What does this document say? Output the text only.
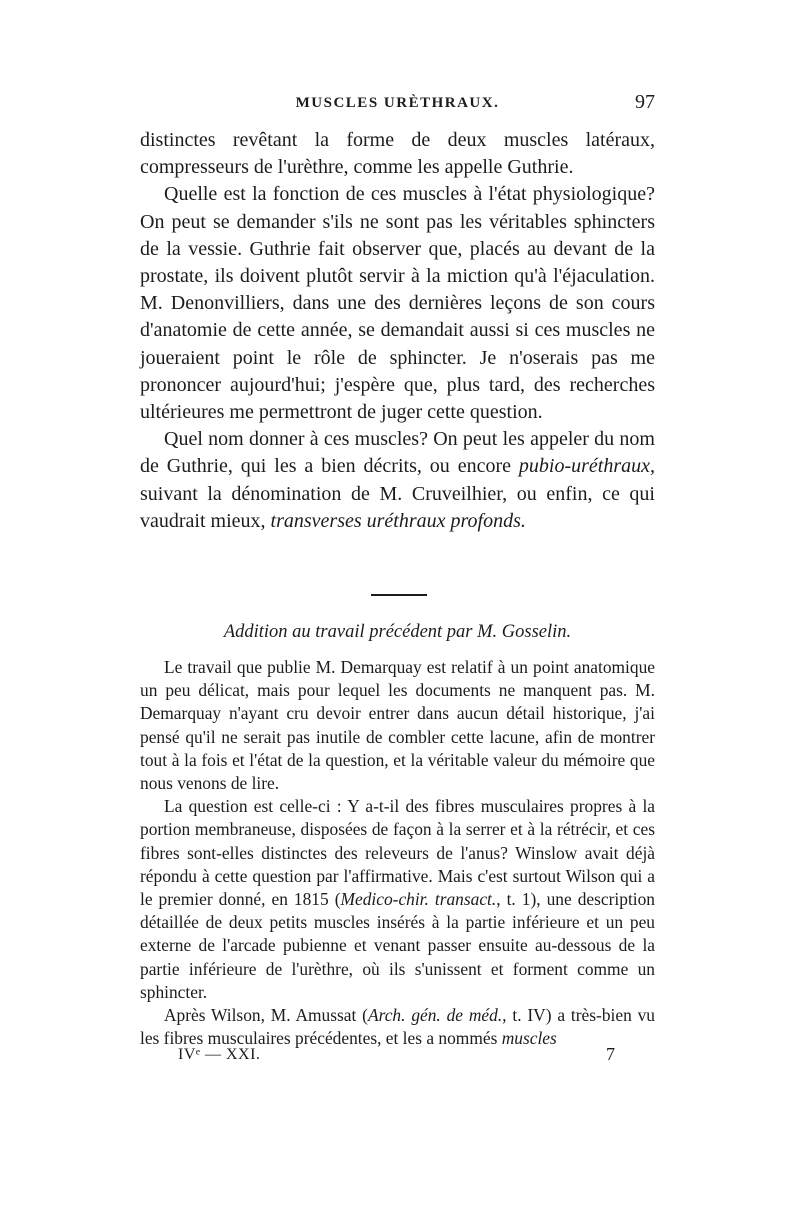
MUSCLES URÈTHRAUX.	97

distinctes revêtant la forme de deux muscles latéraux, compresseurs de l'urèthre, comme les appelle Guthrie.

Quelle est la fonction de ces muscles à l'état physiologique? On peut se demander s'ils ne sont pas les véritables sphincters de la vessie. Guthrie fait observer que, placés au devant de la prostate, ils doivent plutôt servir à la miction qu'à l'éjaculation. M. Denonvilliers, dans une des dernières leçons de son cours d'anatomie de cette année, se demandait aussi si ces muscles ne joueraient point le rôle de sphincter. Je n'oserais pas me prononcer aujourd'hui; j'espère que, plus tard, des recherches ultérieures me permettront de juger cette question.

Quel nom donner à ces muscles? On peut les appeler du nom de Guthrie, qui les a bien décrits, ou encore pubio-uréthraux, suivant la dénomination de M. Cruveilhier, ou enfin, ce qui vaudrait mieux, transverses uréthraux profonds.

Addition au travail précédent par M. Gosselin.

Le travail que publie M. Demarquay est relatif à un point anatomique un peu délicat, mais pour lequel les documents ne manquent pas. M. Demarquay n'ayant cru devoir entrer dans aucun détail historique, j'ai pensé qu'il ne serait pas inutile de combler cette lacune, afin de montrer tout à la fois et l'état de la question, et la véritable valeur du mémoire que nous venons de lire.

La question est celle-ci : Y a-t-il des fibres musculaires propres à la portion membraneuse, disposées de façon à la serrer et à la rétrécir, et ces fibres sont-elles distinctes des releveurs de l'anus? Winslow avait déjà répondu à cette question par l'affirmative. Mais c'est surtout Wilson qui a le premier donné, en 1815 (Medico-chir. transact., t. 1), une description détaillée de deux petits muscles insérés à la partie inférieure et un peu externe de l'arcade pubienne et venant passer ensuite au-dessous de la partie inférieure de l'urèthre, où ils s'unissent et forment comme un sphincter.

Après Wilson, M. Amussat (Arch. gén. de méd., t. IV) a très-bien vu les fibres musculaires précédentes, et les a nommés muscles

IVᵉ — XXI.	7
